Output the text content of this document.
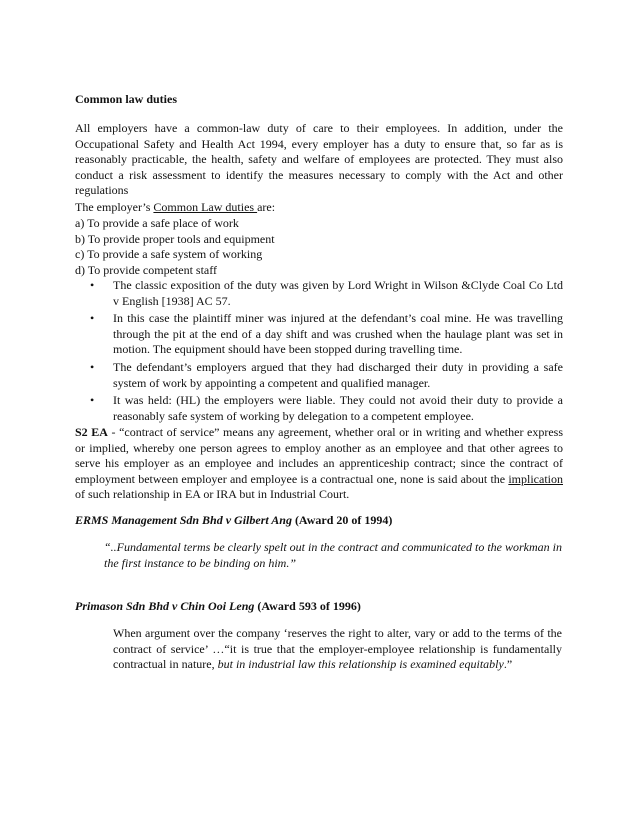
Common law duties

All employers have a common-law duty of care to their employees. In addition, under the Occupational Safety and Health Act 1994, every employer has a duty to ensure that, so far as is reasonably practicable, the health, safety and welfare of employees are protected. They must also conduct a risk assessment to identify the measures necessary to comply with the Act and other regulations

The employer’s Common Law duties are:

a) To provide a safe place of work
b) To provide proper tools and equipment
c) To provide a safe system of working
d) To provide competent staff
• The classic exposition of the duty was given by Lord Wright in Wilson &Clyde Coal Co Ltd v English [1938] AC 57.
• In this case the plaintiff miner was injured at the defendant’s coal mine. He was travelling through the pit at the end of a day shift and was crushed when the haulage plant was set in motion. The equipment should have been stopped during travelling time.
• The defendant’s employers argued that they had discharged their duty in providing a safe system of work by appointing a competent and qualified manager.
• It was held: (HL) the employers were liable. They could not avoid their duty to provide a reasonably safe system of working by delegation to a competent employee.

S2 EA - “contract of service” means any agreement, whether oral or in writing and whether express or implied, whereby one person agrees to employ another as an employee and that other agrees to serve his employer as an employee and includes an apprenticeship contract; since the contract of employment between employer and employee is a contractual one, none is said about the implication of such relationship in EA or IRA but in Industrial Court.

ERMS Management Sdn Bhd v Gilbert Ang (Award 20 of 1994)

“..Fundamental terms be clearly spelt out in the contract and communicated to the workman in the first instance to be binding on him.”

Primason Sdn Bhd v Chin Ooi Leng (Award 593 of 1996)

When argument over the company ‘reserves the right to alter, vary or add to the terms of the contract of service’ …“it is true that the employer-employee relationship is fundamentally contractual in nature, but in industrial law this relationship is examined equitably.”
